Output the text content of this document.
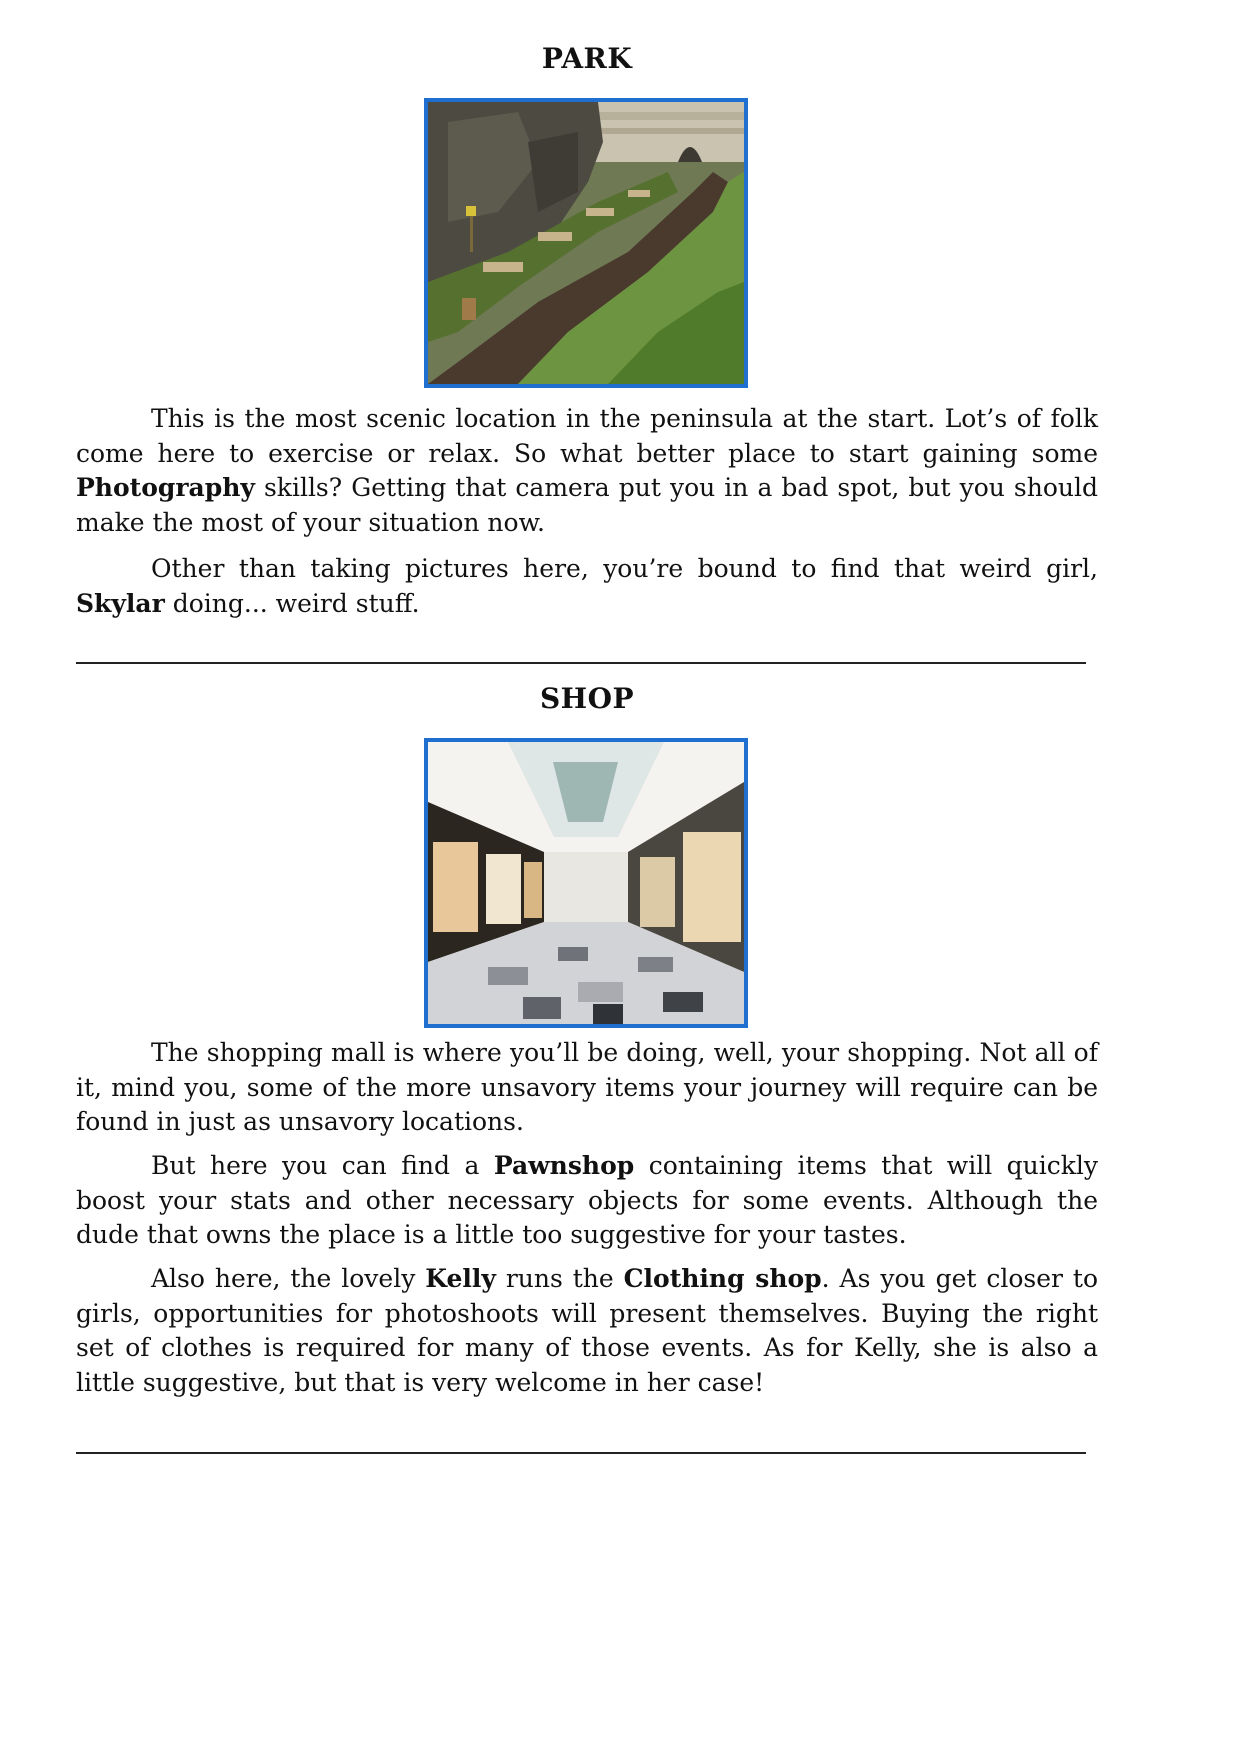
PARK

This is the most scenic location in the peninsula at the start. Lot’s of folk come here to exercise or relax. So what better place to start gaining some Photography skills? Getting that camera put you in a bad spot, but you should make the most of your situation now.

Other than taking pictures here, you’re bound to find that weird girl, Skylar doing... weird stuff.

SHOP

The shopping mall is where you’ll be doing, well, your shopping. Not all of it, mind you, some of the more unsavory items your journey will require can be found in just as unsavory locations.

But here you can find a Pawnshop containing items that will quickly boost your stats and other necessary objects for some events. Although the dude that owns the place is a little too suggestive for your tastes.

Also here, the lovely Kelly runs the Clothing shop. As you get closer to girls, opportunities for photoshoots will present themselves. Buying the right set of clothes is required for many of those events. As for Kelly, she is also a little suggestive, but that is very welcome in her case!
